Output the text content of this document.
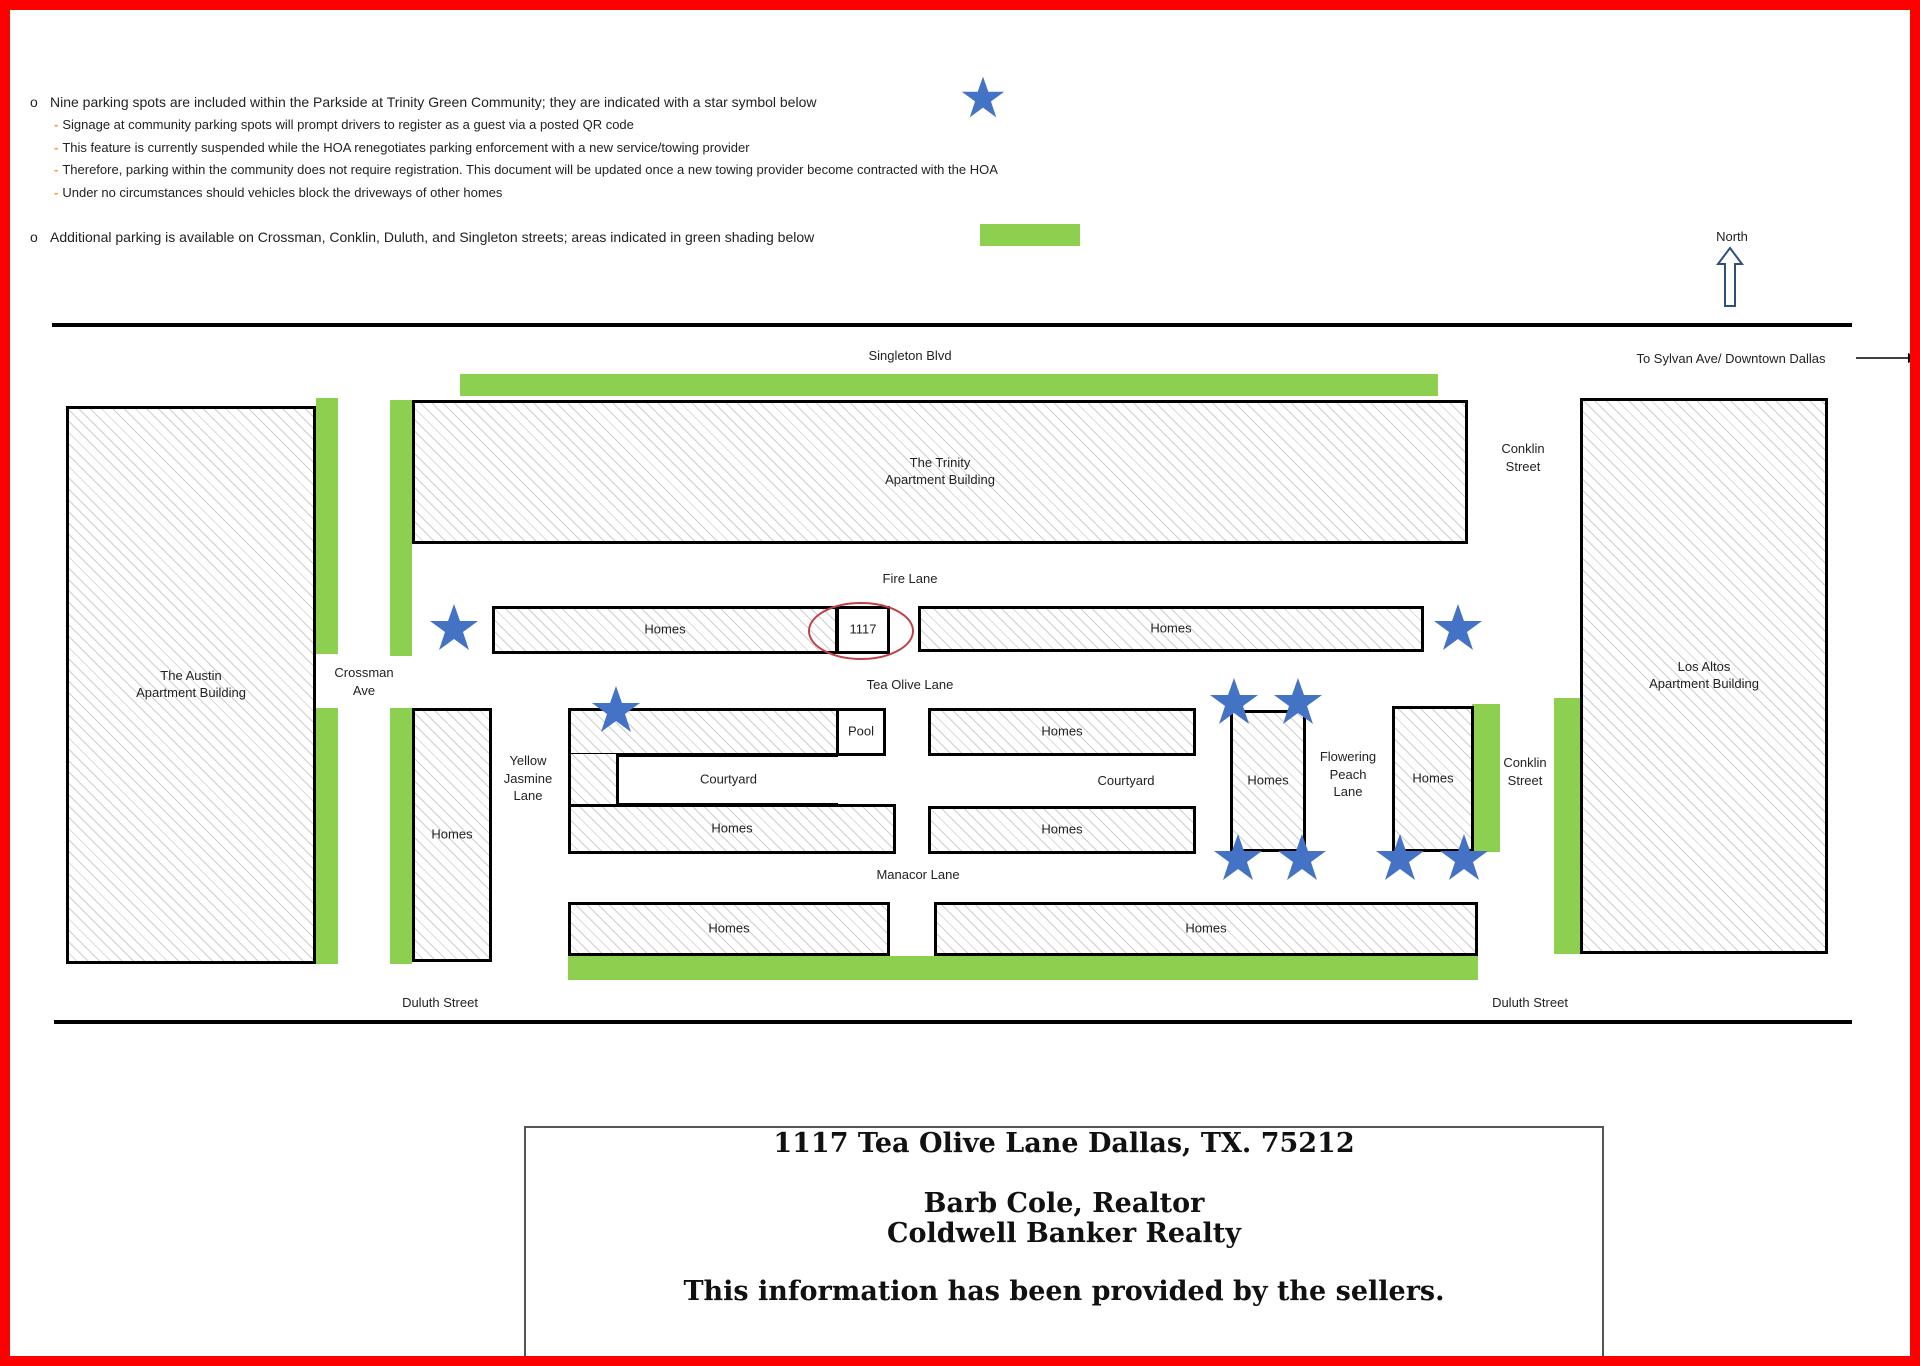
o Nine parking spots are included within the Parkside at Trinity Green Community; they are indicated with a star symbol below
- Signage at community parking spots will prompt drivers to register as a guest via a posted QR code
- This feature is currently suspended while the HOA renegotiates parking enforcement with a new service/towing provider
- Therefore, parking within the community does not require registration. This document will be updated once a new towing provider become contracted with the HOA
- Under no circumstances should vehicles block the driveways of other homes
o Additional parking is available on Crossman, Conklin, Duluth, and Singleton streets; areas indicated in green shading below	North
Singleton Blvd	To Sylvan Ave/ Downtown Dallas
The Austin
Apartment Building
The Trinity
Apartment Building
Los Altos
Apartment Building
Conklin
Street
Fire Lane
Crossman
Ave	Tea Olive Lane
Yellow
Jasmine
Lane
Flowering
Peach
Lane
Conklin
Street
Manacor Lane
Duluth Street	Duluth Street
Homes	1117	Homes
Homes	Homes
Courtyard
Pool	Homes
Courtyard
Homes
Homes	Homes
Homes	Homes
1117 Tea Olive Lane Dallas, TX. 75212
Barb Cole, Realtor
Coldwell Banker Realty
This information has been provided by the sellers.
